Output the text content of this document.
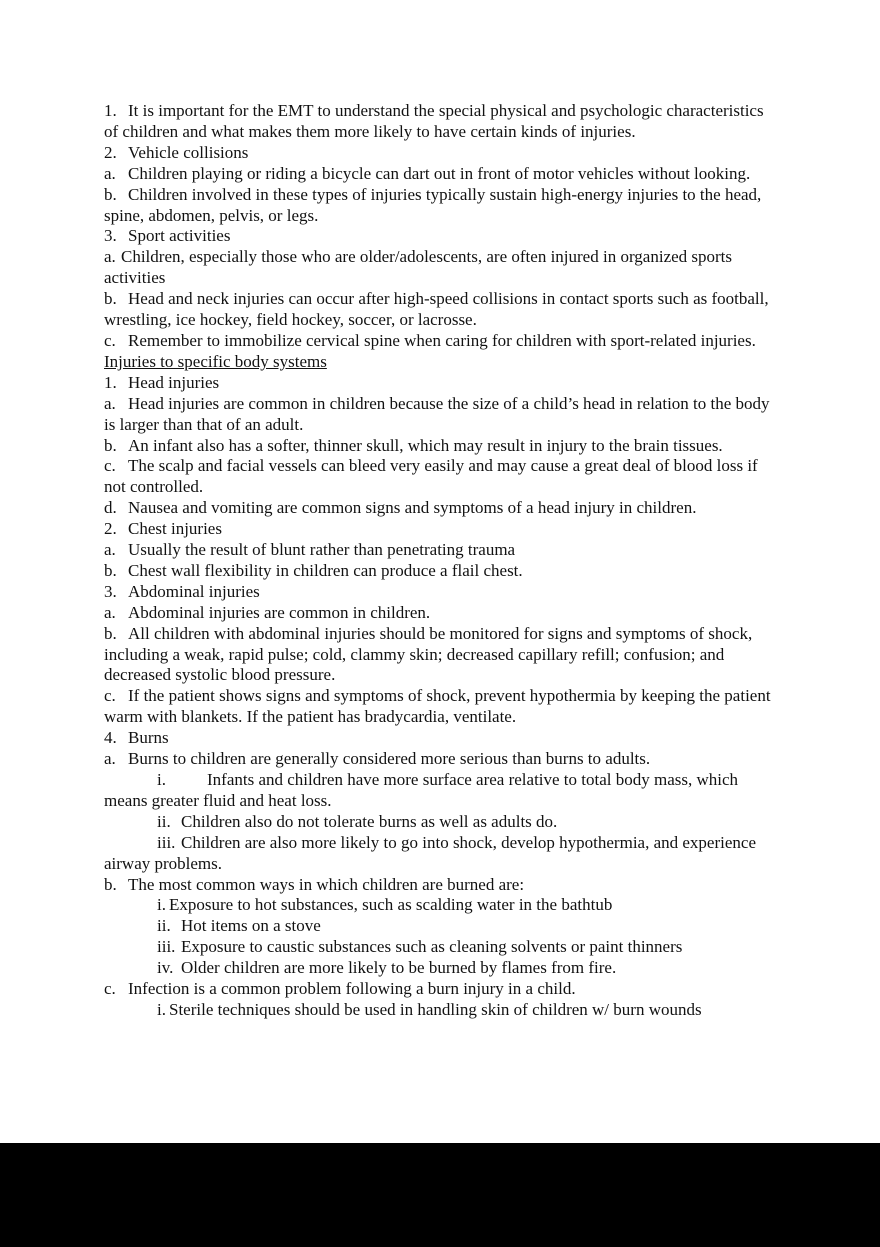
1. It is important for the EMT to understand the special physical and psychologic characteristics of children and what makes them more likely to have certain kinds of injuries.

2. Vehicle collisions

a. Children playing or riding a bicycle can dart out in front of motor vehicles without looking.

b. Children involved in these types of injuries typically sustain high-energy injuries to the head, spine, abdomen, pelvis, or legs.

3. Sport activities

a. Children, especially those who are older/adolescents, are often injured in organized sports activities

b. Head and neck injuries can occur after high-speed collisions in contact sports such as football, wrestling, ice hockey, field hockey, soccer, or lacrosse.

c. Remember to immobilize cervical spine when caring for children with sport-related injuries.

Injuries to specific body systems

1. Head injuries

a. Head injuries are common in children because the size of a child’s head in relation to the body is larger than that of an adult.

b. An infant also has a softer, thinner skull, which may result in injury to the brain tissues.

c. The scalp and facial vessels can bleed very easily and may cause a great deal of blood loss if not controlled.

d. Nausea and vomiting are common signs and symptoms of a head injury in children.

2. Chest injuries

a. Usually the result of blunt rather than penetrating trauma

b. Chest wall flexibility in children can produce a flail chest.

3. Abdominal injuries

a. Abdominal injuries are common in children.

b. All children with abdominal injuries should be monitored for signs and symptoms of shock, including a weak, rapid pulse; cold, clammy skin; decreased capillary refill; confusion; and decreased systolic blood pressure.

c. If the patient shows signs and symptoms of shock, prevent hypothermia by keeping the patient warm with blankets. If the patient has bradycardia, ventilate.

4. Burns

a. Burns to children are generally considered more serious than burns to adults.

i. Infants and children have more surface area relative to total body mass, which means greater fluid and heat loss.

ii. Children also do not tolerate burns as well as adults do.

iii. Children are also more likely to go into shock, develop hypothermia, and experience airway problems.

b. The most common ways in which children are burned are:

i. Exposure to hot substances, such as scalding water in the bathtub

ii. Hot items on a stove

iii. Exposure to caustic substances such as cleaning solvents or paint thinners

iv. Older children are more likely to be burned by flames from fire.

c. Infection is a common problem following a burn injury in a child.

i. Sterile techniques should be used in handling skin of children w/ burn wounds
